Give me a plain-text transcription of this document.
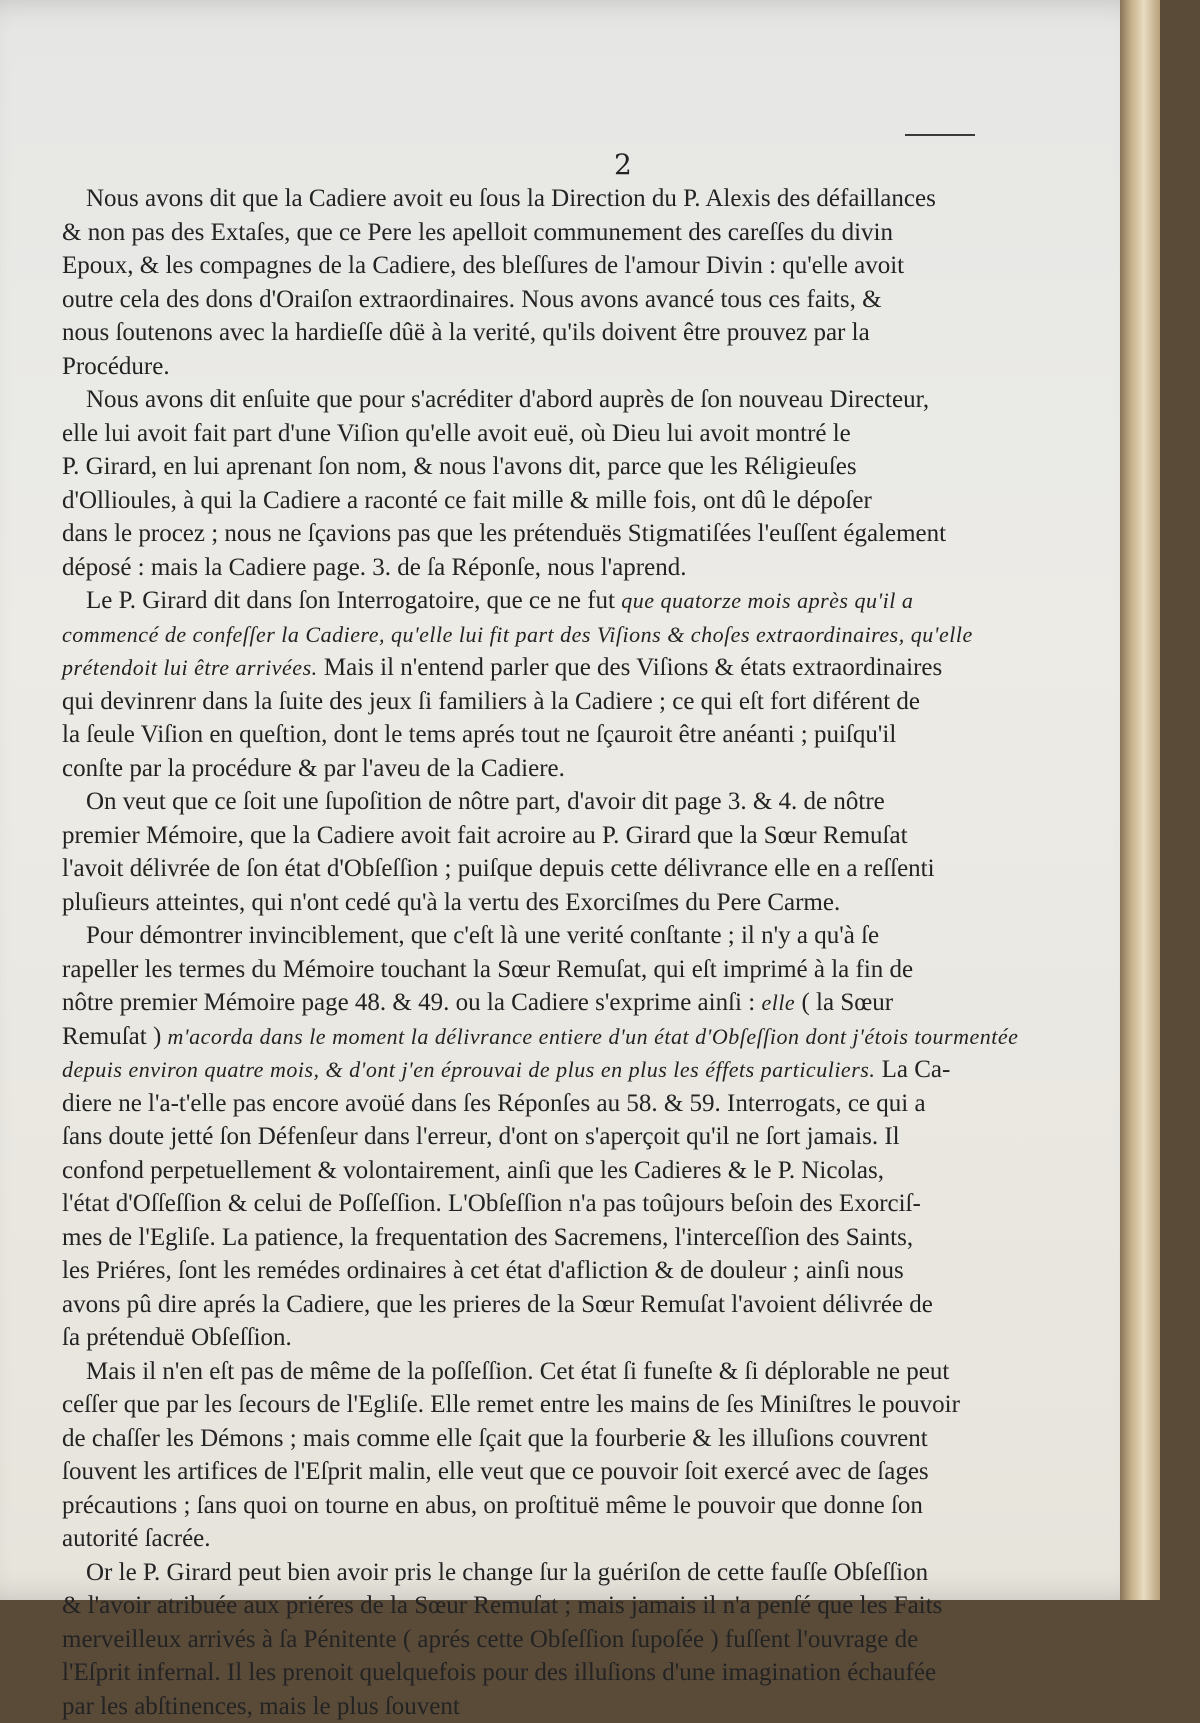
2
Nous avons dit que la Cadiere avoit eu ſous la Direction du P. Alexis des défaillances
& non pas des Extaſes, que ce Pere les apelloit communement des careſſes du divin
Epoux, & les compagnes de la Cadiere, des bleſſures de l'amour Divin : qu'elle avoit
outre cela des dons d'Oraiſon extraordinaires. Nous avons avancé tous ces faits, &
nous ſoutenons avec la hardieſſe dûë à la verité, qu'ils doivent être prouvez par la
Procédure.
Nous avons dit enſuite que pour s'acréditer d'abord auprès de ſon nouveau Directeur,
elle lui avoit fait part d'une Viſion qu'elle avoit euë, où Dieu lui avoit montré le
P. Girard, en lui aprenant ſon nom, & nous l'avons dit, parce que les Réligieuſes
d'Ollioules, à qui la Cadiere a raconté ce fait mille & mille fois, ont dû le dépoſer
dans le procez ; nous ne ſçavions pas que les prétenduës Stigmatiſées l'euſſent également
déposé : mais la Cadiere page. 3. de ſa Réponſe, nous l'aprend.
Le P. Girard dit dans ſon Interrogatoire, que ce ne fut que quatorze mois après qu'il a
commencé de confeſſer la Cadiere, qu'elle lui fit part des Viſions & choſes extraordinaires, qu'elle
prétendoit lui être arrivées. Mais il n'entend parler que des Viſions & états extraordinaires
qui devinrenr dans la ſuite des jeux ſi familiers à la Cadiere ; ce qui eſt fort diférent de
la ſeule Viſion en queſtion, dont le tems aprés tout ne ſçauroit être anéanti ; puiſqu'il
conſte par la procédure & par l'aveu de la Cadiere.
On veut que ce ſoit une ſupoſition de nôtre part, d'avoir dit page 3. & 4. de nôtre
premier Mémoire, que la Cadiere avoit fait acroire au P. Girard que la Sœur Remuſat
l'avoit délivrée de ſon état d'Obſeſſion ; puiſque depuis cette délivrance elle en a reſſenti
pluſieurs atteintes, qui n'ont cedé qu'à la vertu des Exorciſmes du Pere Carme.
Pour démontrer invinciblement, que c'eſt là une verité conſtante ; il n'y a qu'à ſe
rapeller les termes du Mémoire touchant la Sœur Remuſat, qui eſt imprimé à la fin de
nôtre premier Mémoire page 48. & 49. ou la Cadiere s'exprime ainſi : elle ( la Sœur
Remuſat ) m'acorda dans le moment la délivrance entiere d'un état d'Obſeſſion dont j'étois tourmentée
depuis environ quatre mois, & d'ont j'en éprouvai de plus en plus les éffets particuliers. La Ca-
diere ne l'a-t'elle pas encore avoüé dans ſes Réponſes au 58. & 59. Interrogats, ce qui a
ſans doute jetté ſon Défenſeur dans l'erreur, d'ont on s'aperçoit qu'il ne ſort jamais. Il
confond perpetuellement & volontairement, ainſi que les Cadieres & le P. Nicolas,
l'état d'Oſſeſſion & celui de Poſſeſſion. L'Obſeſſion n'a pas toûjours beſoin des Exorciſ-
mes de l'Egliſe. La patience, la frequentation des Sacremens, l'interceſſion des Saints,
les Priéres, ſont les remédes ordinaires à cet état d'afliction & de douleur ; ainſi nous
avons pû dire aprés la Cadiere, que les prieres de la Sœur Remuſat l'avoient délivrée de
ſa prétenduë Obſeſſion.
Mais il n'en eſt pas de même de la poſſeſſion. Cet état ſi funeſte & ſi déplorable ne peut
ceſſer que par les ſecours de l'Egliſe. Elle remet entre les mains de ſes Miniſtres le pouvoir
de chaſſer les Démons ; mais comme elle ſçait que la fourberie & les illuſions couvrent
ſouvent les artifices de l'Eſprit malin, elle veut que ce pouvoir ſoit exercé avec de ſages
précautions ; ſans quoi on tourne en abus, on proſtituë même le pouvoir que donne ſon
autorité ſacrée.
Or le P. Girard peut bien avoir pris le change ſur la guériſon de cette fauſſe Obſeſſion
& l'avoir atribuée aux priéres de la Sœur Remuſat ; mais jamais il n'a penſé que les Faits
merveilleux arrivés à ſa Pénitente ( aprés cette Obſeſſion ſupoſée ) fuſſent l'ouvrage de
l'Eſprit infernal. Il les prenoit quelquefois pour des illuſions d'une imagination échaufée
par les abſtinences, mais le plus ſouvent
